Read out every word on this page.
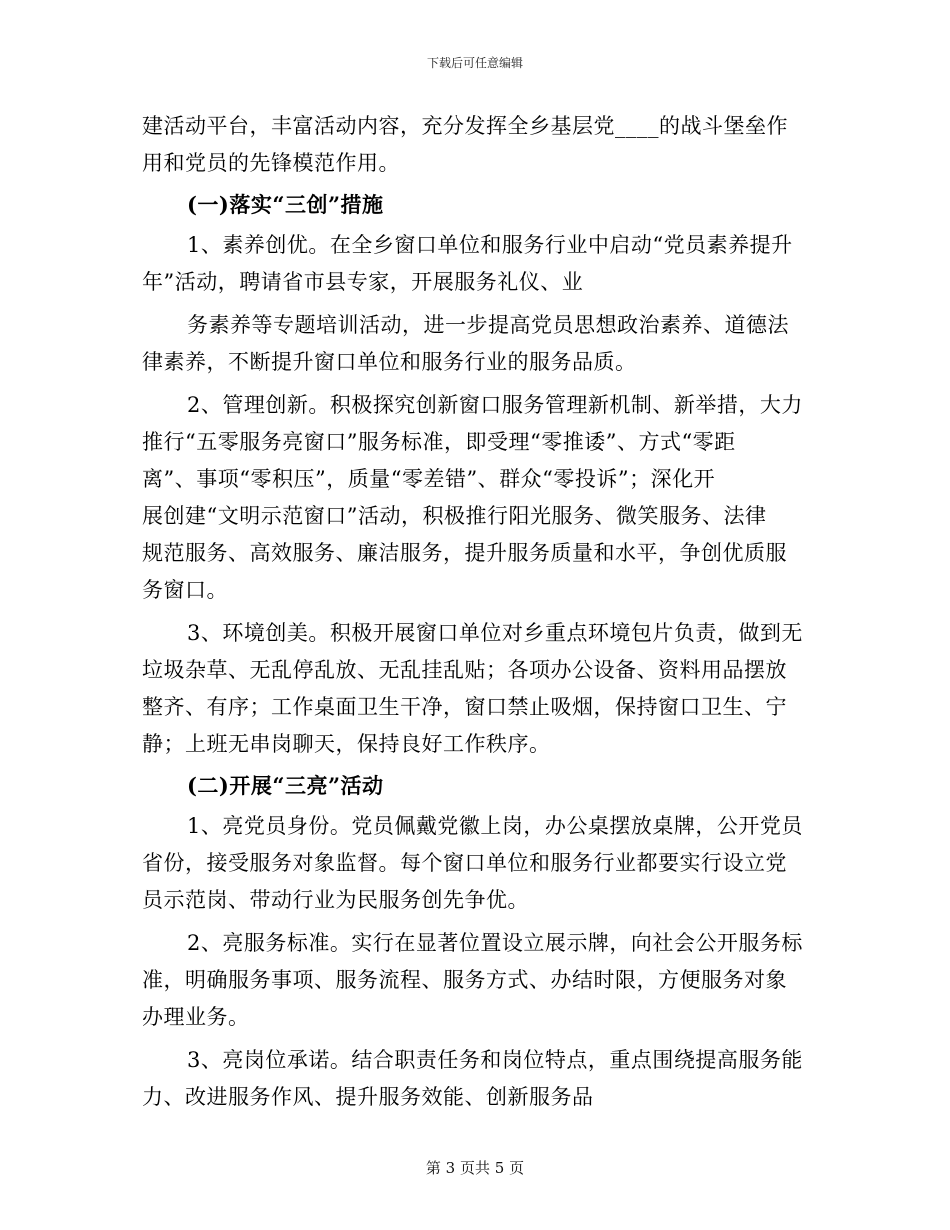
下载后可任意编辑
建活动平台，丰富活动内容，充分发挥全乡基层党____的战斗堡垒作
用和党员的先锋模范作用。
(一)落实“三创”措施
1、素养创优。在全乡窗口单位和服务行业中启动“党员素养提升
年”活动，聘请省市县专家，开展服务礼仪、业
务素养等专题培训活动，进一步提高党员思想政治素养、道德法
律素养，不断提升窗口单位和服务行业的服务品质。
2、管理创新。积极探究创新窗口服务管理新机制、新举措，大力
推行“五零服务亮窗口”服务标准，即受理“零推诿”、方式“零距
离”、事项“零积压”，质量“零差错”、群众“零投诉”；深化开
展创建“文明示范窗口”活动，积极推行阳光服务、微笑服务、法律
规范服务、高效服务、廉洁服务，提升服务质量和水平，争创优质服
务窗口。
3、环境创美。积极开展窗口单位对乡重点环境包片负责，做到无
垃圾杂草、无乱停乱放、无乱挂乱贴；各项办公设备、资料用品摆放
整齐、有序；工作桌面卫生干净，窗口禁止吸烟，保持窗口卫生、宁
静；上班无串岗聊天，保持良好工作秩序。
(二)开展“三亮”活动
1、亮党员身份。党员佩戴党徽上岗，办公桌摆放桌牌，公开党员
省份，接受服务对象监督。每个窗口单位和服务行业都要实行设立党
员示范岗、带动行业为民服务创先争优。
2、亮服务标准。实行在显著位置设立展示牌，向社会公开服务标
准，明确服务事项、服务流程、服务方式、办结时限，方便服务对象
办理业务。
3、亮岗位承诺。结合职责任务和岗位特点，重点围绕提高服务能
力、改进服务作风、提升服务效能、创新服务品
第 3 页共 5 页
